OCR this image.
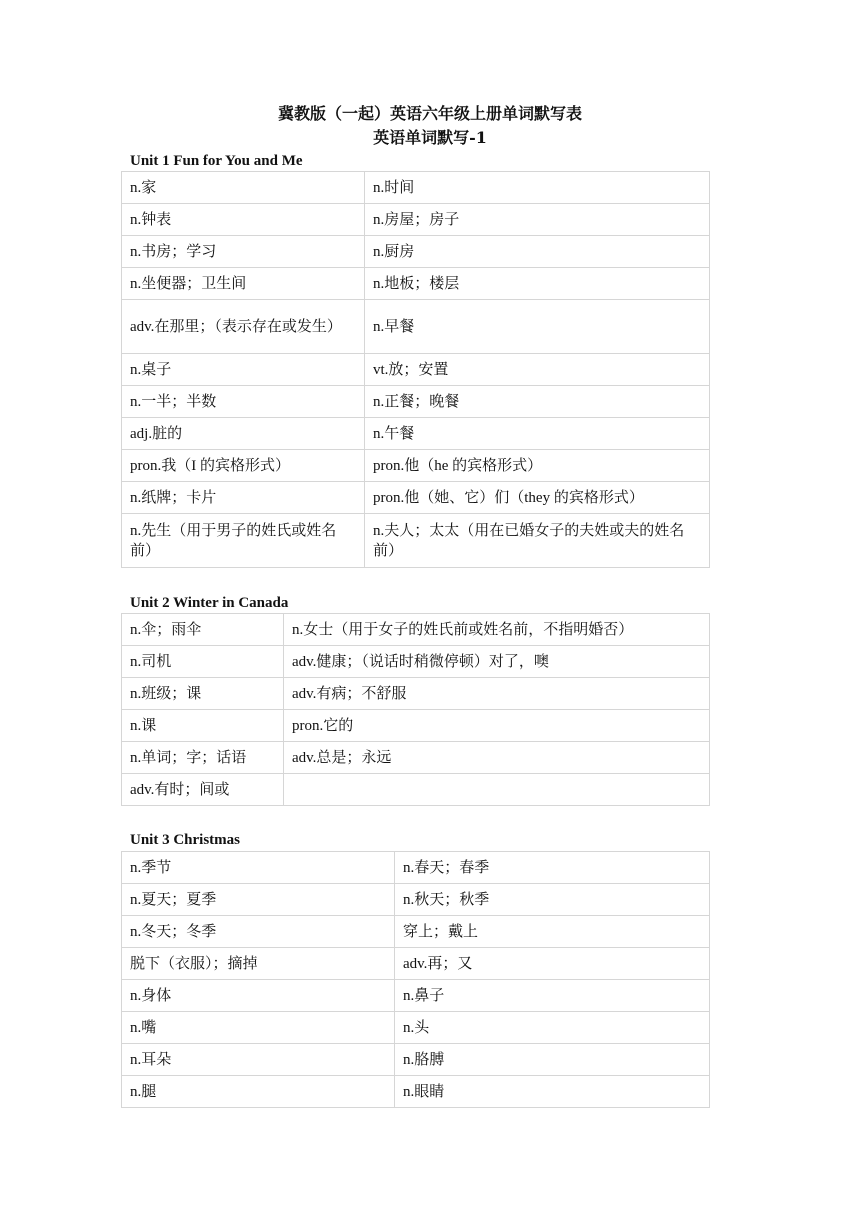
冀教版（一起）英语六年级上册单词默写表
英语单词默写-1
Unit 1 Fun for You and Me
n.家	n.时间
n.钟表	n.房屋；房子
n.书房；学习	n.厨房
n.坐便器；卫生间	n.地板；楼层
adv.在那里；（表示存在或发生）	n.早餐
n.桌子	vt.放；安置
n.一半；半数	n.正餐；晚餐
adj.脏的	n.午餐
pron.我（I 的宾格形式）	pron.他（he 的宾格形式）
n.纸牌；卡片	pron.他（她、它）们（they 的宾格形式）
n.先生（用于男子的姓氏或姓名前）	n.夫人；太太（用在已婚女子的夫姓或夫的姓名前）
Unit 2 Winter in Canada
n.伞；雨伞	n.女士（用于女子的姓氏前或姓名前，不指明婚否）
n.司机	adv.健康；（说话时稍微停顿）对了，噢
n.班级；课	adv.有病；不舒服
n.课	pron.它的
n.单词；字；话语	adv.总是；永远
adv.有时；间或	
Unit 3 Christmas
n.季节	n.春天；春季
n.夏天；夏季	n.秋天；秋季
n.冬天；冬季	穿上；戴上
脱下（衣服）；摘掉	adv.再；又
n.身体	n.鼻子
n.嘴	n.头
n.耳朵	n.胳膊
n.腿	n.眼睛
